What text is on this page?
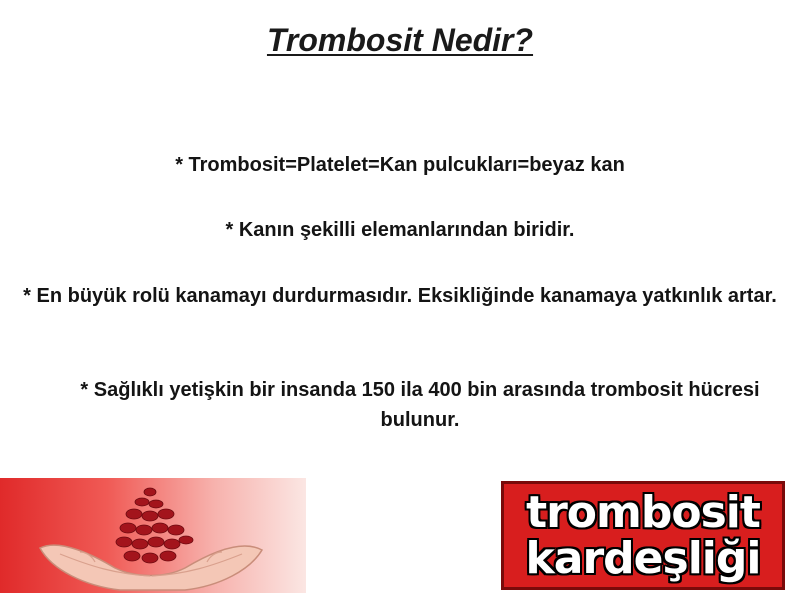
Trombosit Nedir?
* Trombosit=Platelet=Kan pulcukları=beyaz kan
* Kanın şekilli elemanlarından biridir.
* En büyük rolü kanamayı durdurmasıdır. Eksikliğinde kanamaya yatkınlık artar.
* Sağlıklı yetişkin bir insanda 150 ila 400 bin arasında trombosit hücresi bulunur.
trombosit
kardeşliği
